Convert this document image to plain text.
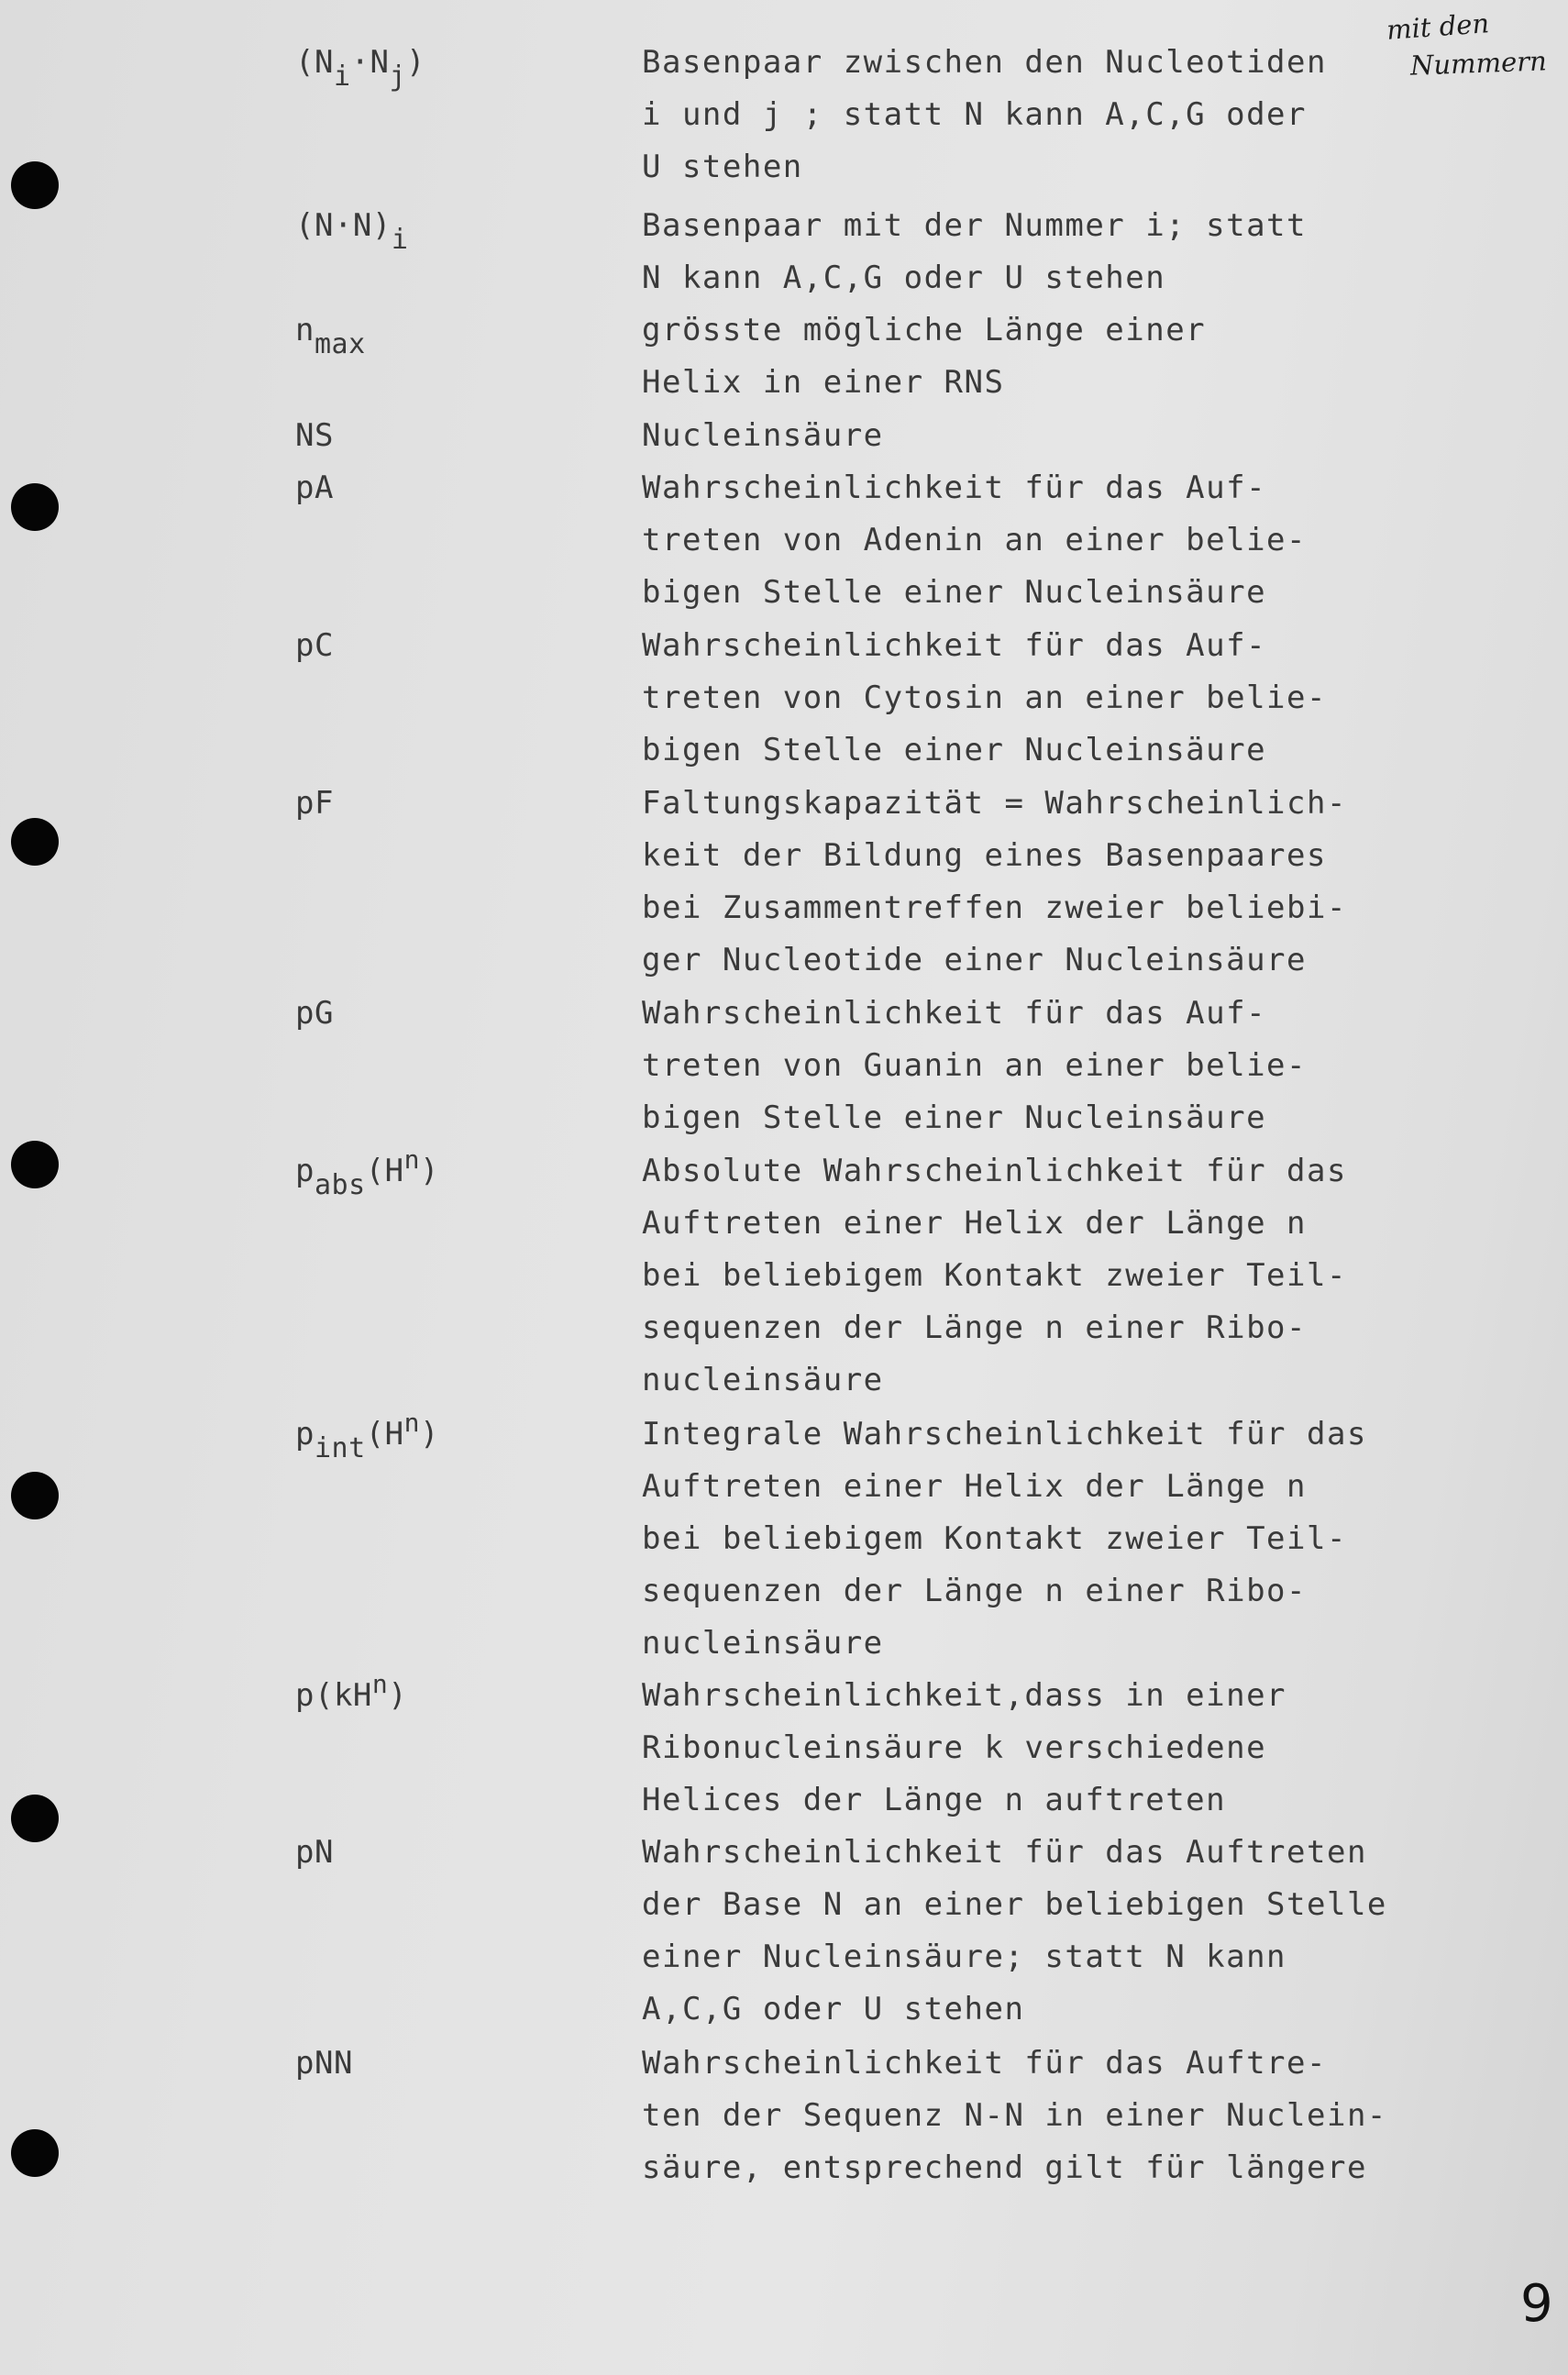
mit den
Nummern
$(N_i\cdot N_j)$	Basenpaar zwischen den Nucleotiden
i und j ; statt N kann A,C,G oder
U stehen
$(N\cdot N)_i$	Basenpaar mit der Nummer i; statt
N kann A,C,G oder U stehen
$n_{max}$	grösste mögliche Länge einer
Helix in einer RNS
NS	Nucleinsäure
pA	Wahrscheinlichkeit für das Auf-
treten von Adenin an einer belie-
bigen Stelle einer Nucleinsäure
pC	Wahrscheinlichkeit für das Auf-
treten von Cytosin an einer belie-
bigen Stelle einer Nucleinsäure
pF	Faltungskapazität = Wahrscheinlich-
keit der Bildung eines Basenpaares
bei Zusammentreffen zweier beliebi-
ger Nucleotide einer Nucleinsäure
pG	Wahrscheinlichkeit für das Auf-
treten von Guanin an einer belie-
bigen Stelle einer Nucleinsäure
$p_{abs}(H^n)$	Absolute Wahrscheinlichkeit für das
Auftreten einer Helix der Länge n
bei beliebigem Kontakt zweier Teil-
sequenzen der Länge n einer Ribo-
nucleinsäure
$p_{int}(H^n)$	Integrale Wahrscheinlichkeit für das
Auftreten einer Helix der Länge n
bei beliebigem Kontakt zweier Teil-
sequenzen der Länge n einer Ribo-
nucleinsäure
$p(kH^n)$	Wahrscheinlichkeit,dass in einer
Ribonucleinsäure k verschiedene
Helices der Länge n auftreten
pN	Wahrscheinlichkeit für das Auftreten
der Base N an einer beliebigen Stelle
einer Nucleinsäure; statt N kann
A,C,G oder U stehen
pNN	Wahrscheinlichkeit für das Auftre-
ten der Sequenz N-N in einer Nuclein-
säure, entsprechend gilt für längere
9
